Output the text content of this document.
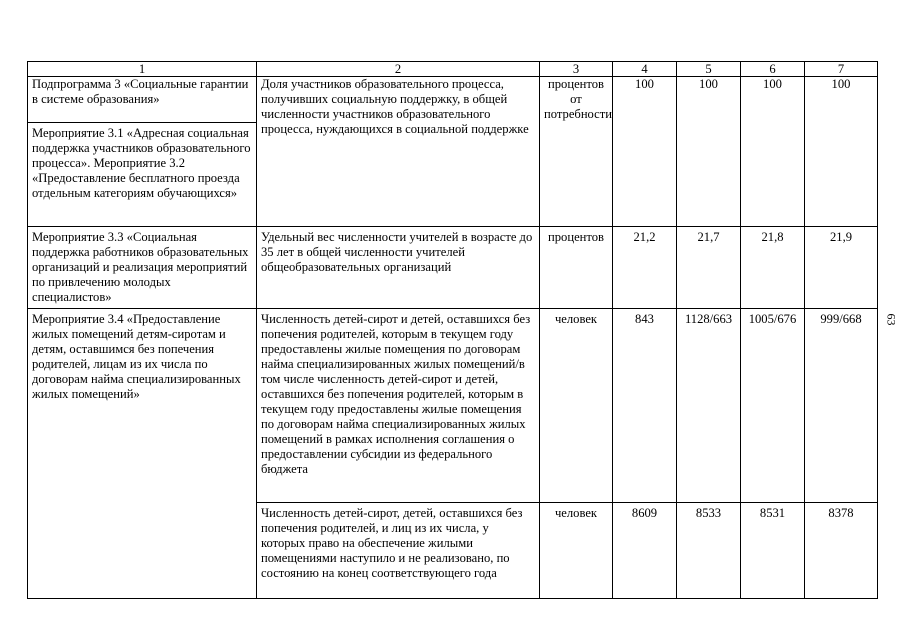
1	2	3	4	5	6	7
Подпрограмма 3 «Социальные гарантии в системе образования»	Доля участников образовательного процесса, получивших социальную поддержку, в общей численности участников образовательного процесса, нуждающихся в социальной поддержке	процентов от потребности	100	100	100	100
Мероприятие 3.1 «Адресная социальная поддержка участников образовательного процесса». Мероприятие 3.2 «Предоставление бесплатного проезда отдельным категориям обучающихся»						
Мероприятие 3.3 «Социальная поддержка работников образовательных организаций и реализация мероприятий по привлечению молодых специалистов»	Удельный вес численности учителей в возрасте до 35 лет в общей численности учителей общеобразовательных организаций	процентов	21,2	21,7	21,8	21,9
Мероприятие 3.4 «Предоставление жилых помещений детям-сиротам и детям, оставшимся без попечения родителей, лицам из их числа по договорам найма специализированных жилых помещений»	Численность детей-сирот и детей, оставшихся без попечения родителей, которым в текущем году предоставлены жилые помещения по договорам найма специализированных жилых помещений/в том числе численность детей-сирот и детей, оставшихся без попечения родителей, которым в текущем году предоставлены жилые помещения по договорам найма специализированных жилых помещений в рамках исполнения соглашения о предоставлении субсидии из федерального бюджета	человек	843	1128/663	1005/676	999/668
	Численность детей-сирот, детей, оставшихся без попечения родителей, и лиц из их числа, у которых право на обеспечение жилыми помещениями наступило и не реализовано, по состоянию на конец соответствующего года	человек	8609	8533	8531	8378
63
